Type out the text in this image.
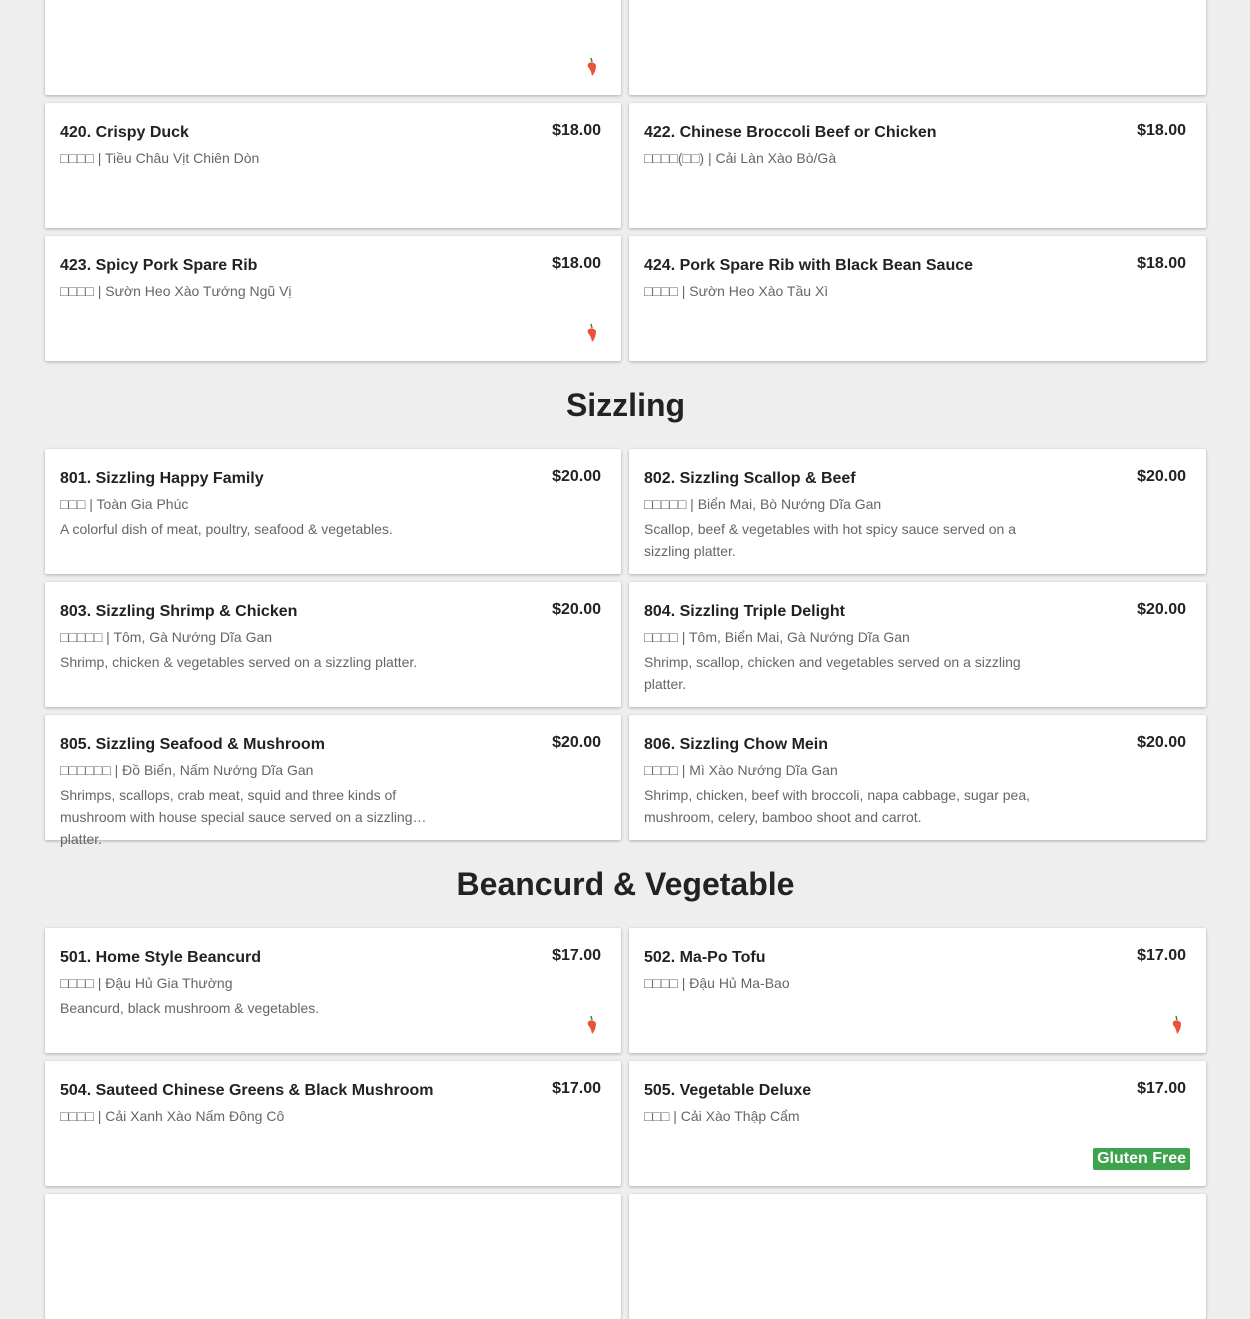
420. Crispy Duck	$18.00
□□□□ | Tiều Châu Vịt Chiên Dòn
422. Chinese Broccoli Beef or Chicken	$18.00
□□□□(□□) | Cải Làn Xào Bò/Gà
423. Spicy Pork Spare Rib	$18.00
□□□□ | Sườn Heo Xào Tướng Ngũ Vị
424. Pork Spare Rib with Black Bean Sauce	$18.00
□□□□ | Sườn Heo Xào Tầu Xì
Sizzling
801. Sizzling Happy Family	$20.00
□□□ | Toàn Gia Phúc
A colorful dish of meat, poultry, seafood & vegetables.
802. Sizzling Scallop & Beef	$20.00
□□□□□ | Biển Mai, Bò Nướng Dĩa Gan
Scallop, beef & vegetables with hot spicy sauce served on a sizzling platter.
803. Sizzling Shrimp & Chicken	$20.00
□□□□□ | Tôm, Gà Nướng Dĩa Gan
Shrimp, chicken & vegetables served on a sizzling platter.
804. Sizzling Triple Delight	$20.00
□□□□ | Tôm, Biển Mai, Gà Nướng Dĩa Gan
Shrimp, scallop, chicken and vegetables served on a sizzling platter.
805. Sizzling Seafood & Mushroom	$20.00
□□□□□□ | Đồ Biển, Nấm Nướng Dĩa Gan
Shrimps, scallops, crab meat, squid and three kinds of mushroom with house special sauce served on a sizzling platter.
806. Sizzling Chow Mein	$20.00
□□□□ | Mì Xào Nướng Dĩa Gan
Shrimp, chicken, beef with broccoli, napa cabbage, sugar pea, mushroom, celery, bamboo shoot and carrot.
Beancurd & Vegetable
501. Home Style Beancurd	$17.00
□□□□ | Đậu Hủ Gia Thường
Beancurd, black mushroom & vegetables.
502. Ma-Po Tofu	$17.00
□□□□ | Đậu Hủ Ma-Bao
504. Sauteed Chinese Greens & Black Mushroom	$17.00
□□□□ | Cải Xanh Xào Nấm Đông Cô
505. Vegetable Deluxe	$17.00
□□□ | Cải Xào Thập Cẩm
Gluten Free
